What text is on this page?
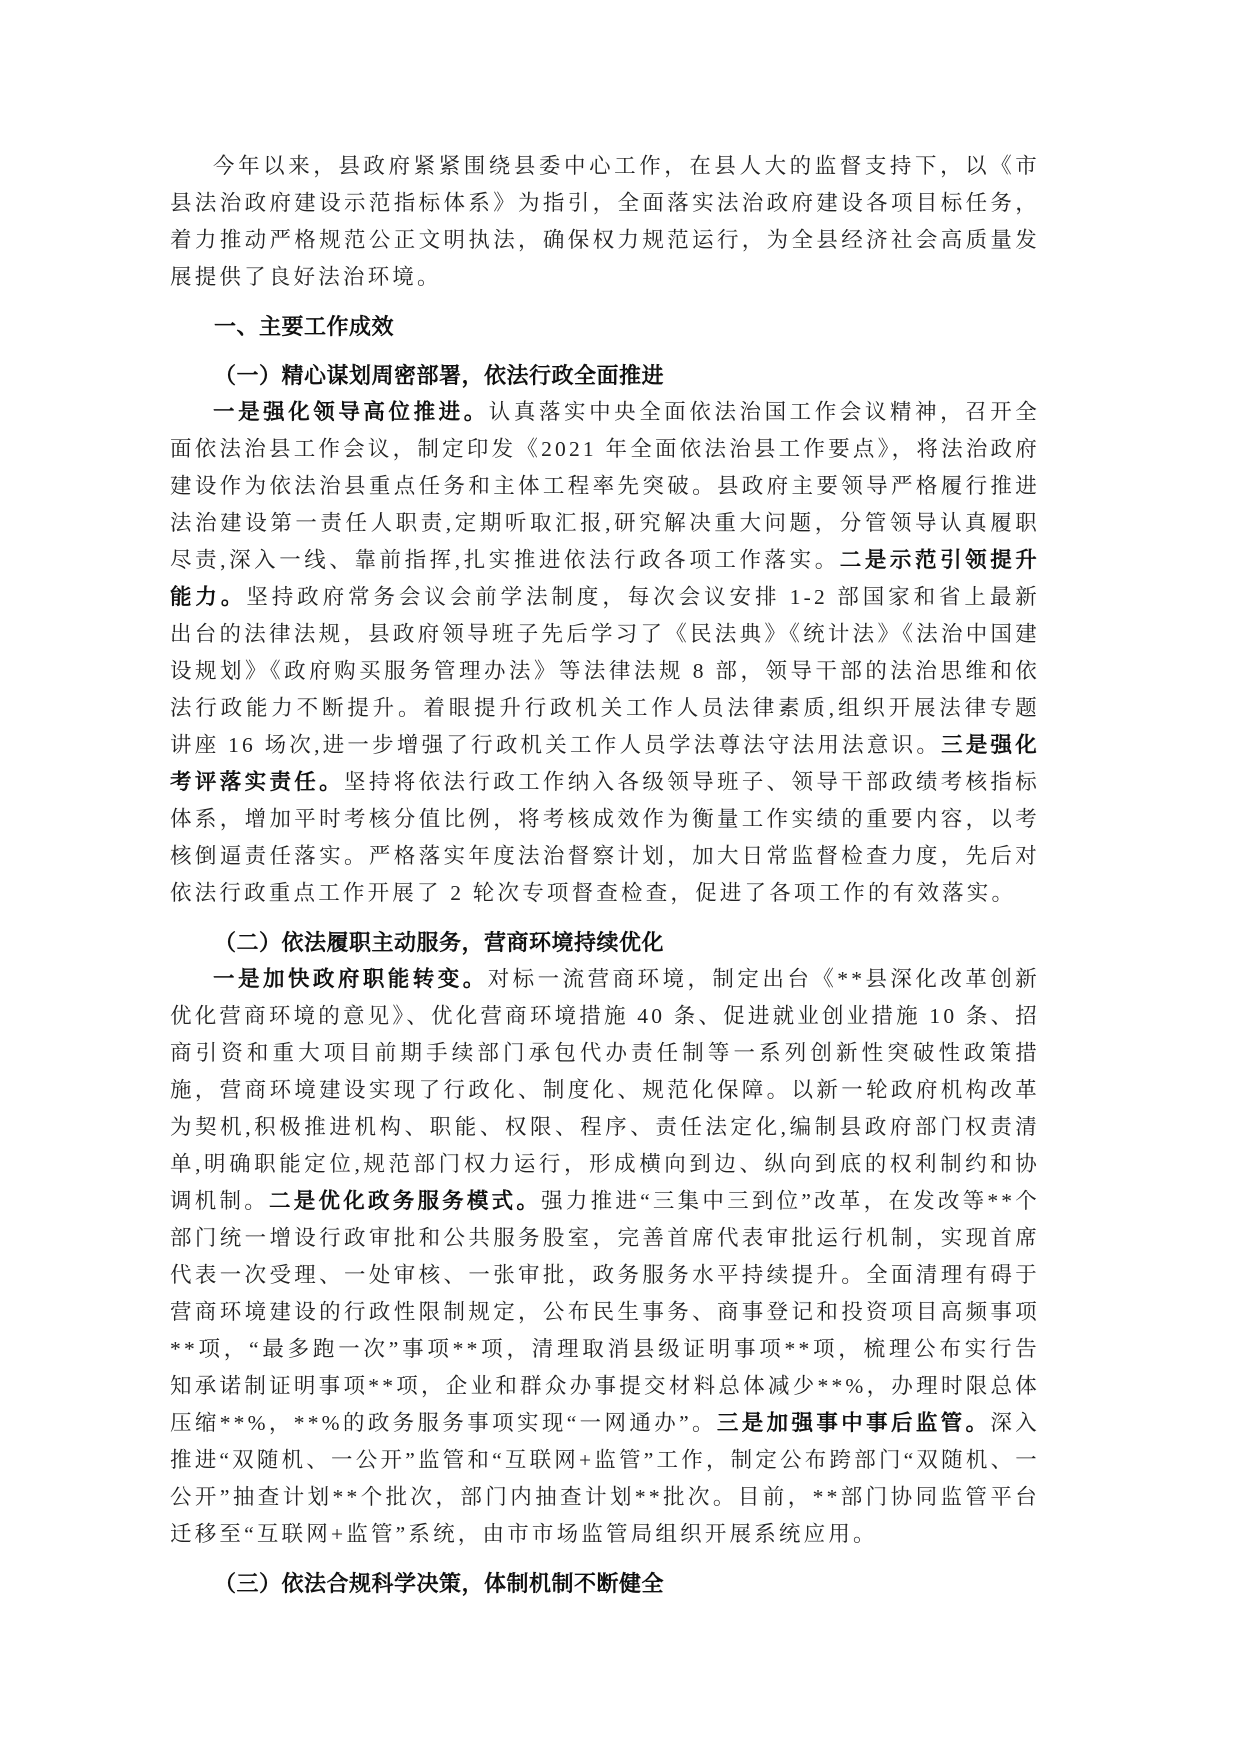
今年以来，县政府紧紧围绕县委中心工作，在县人大的监督支持下，以《市县法治政府建设示范指标体系》为指引，全面落实法治政府建设各项目标任务，着力推动严格规范公正文明执法，确保权力规范运行，为全县经济社会高质量发展提供了良好法治环境。

一、主要工作成效
（一）精心谋划周密部署，依法行政全面推进

一是强化领导高位推进。认真落实中央全面依法治国工作会议精神，召开全面依法治县工作会议，制定印发《2021 年全面依法治县工作要点》，将法治政府建设作为依法治县重点任务和主体工程率先突破。县政府主要领导严格履行推进法治建设第一责任人职责,定期听取汇报,研究解决重大问题，分管领导认真履职尽责,深入一线、靠前指挥,扎实推进依法行政各项工作落实。二是示范引领提升能力。坚持政府常务会议会前学法制度，每次会议安排 1-2 部国家和省上最新出台的法律法规，县政府领导班子先后学习了《民法典》《统计法》《法治中国建设规划》《政府购买服务管理办法》等法律法规 8 部，领导干部的法治思维和依法行政能力不断提升。着眼提升行政机关工作人员法律素质,组织开展法律专题讲座 16 场次,进一步增强了行政机关工作人员学法尊法守法用法意识。三是强化考评落实责任。坚持将依法行政工作纳入各级领导班子、领导干部政绩考核指标体系，增加平时考核分值比例，将考核成效作为衡量工作实绩的重要内容，以考核倒逼责任落实。严格落实年度法治督察计划，加大日常监督检查力度，先后对依法行政重点工作开展了 2 轮次专项督查检查，促进了各项工作的有效落实。

（二）依法履职主动服务，营商环境持续优化

一是加快政府职能转变。对标一流营商环境，制定出台《**县深化改革创新优化营商环境的意见》、优化营商环境措施 40 条、促进就业创业措施 10 条、招商引资和重大项目前期手续部门承包代办责任制等一系列创新性突破性政策措施，营商环境建设实现了行政化、制度化、规范化保障。以新一轮政府机构改革为契机,积极推进机构、职能、权限、程序、责任法定化,编制县政府部门权责清单,明确职能定位,规范部门权力运行，形成横向到边、纵向到底的权利制约和协调机制。二是优化政务服务模式。强力推进“三集中三到位”改革，在发改等**个部门统一增设行政审批和公共服务股室，完善首席代表审批运行机制，实现首席代表一次受理、一处审核、一张审批，政务服务水平持续提升。全面清理有碍于营商环境建设的行政性限制规定，公布民生事务、商事登记和投资项目高频事项**项，“最多跑一次”事项**项，清理取消县级证明事项**项，梳理公布实行告知承诺制证明事项**项，企业和群众办事提交材料总体减少**%，办理时限总体压缩**%，**%的政务服务事项实现“一网通办”。三是加强事中事后监管。深入推进“双随机、一公开”监管和“互联网+监管”工作，制定公布跨部门“双随机、一公开”抽查计划**个批次，部门内抽查计划**批次。目前，**部门协同监管平台迁移至“互联网+监管”系统，由市市场监管局组织开展系统应用。

（三）依法合规科学决策，体制机制不断健全
